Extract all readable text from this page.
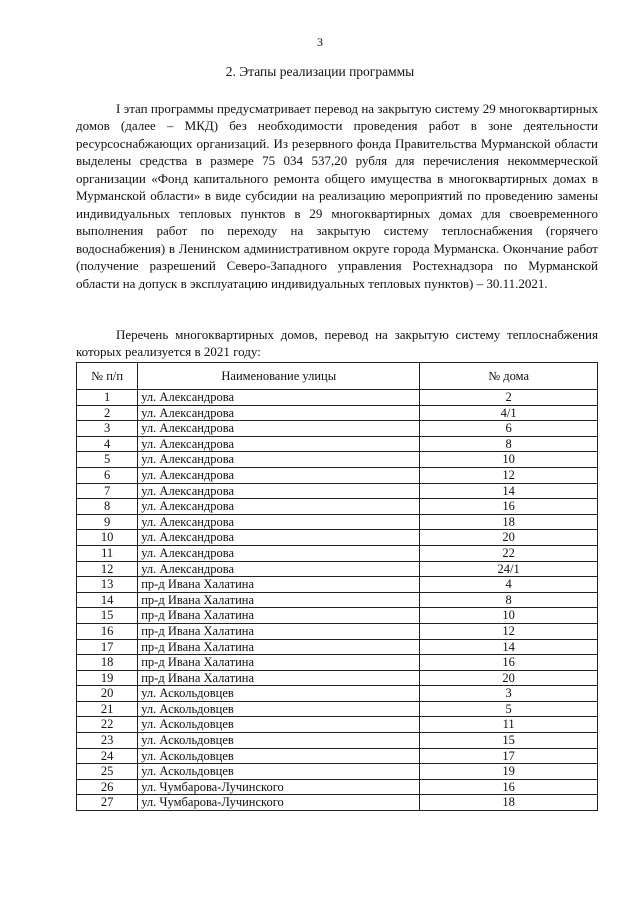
3
2. Этапы реализации программы

I этап программы предусматривает перевод на закрытую систему 29 многоквартирных домов (далее – МКД) без необходимости проведения работ в зоне деятельности ресурсоснабжающих организаций. Из резервного фонда Правительства Мурманской области выделены средства в размере 75 034 537,20 рубля для перечисления некоммерческой организации «Фонд капитального ремонта общего имущества в многоквартирных домах в Мурманской области» в виде субсидии на реализацию мероприятий по проведению замены индивидуальных тепловых пунктов в 29 многоквартирных домах для своевременного выполнения работ по переходу на закрытую систему теплоснабжения (горячего водоснабжения) в Ленинском административном округе города Мурманска. Окончание работ (получение разрешений Северо-Западного управления Ростехнадзора по Мурманской области на допуск в эксплуатацию индивидуальных тепловых пунктов) – 30.11.2021.

Перечень многоквартирных домов, перевод на закрытую систему теплоснабжения которых реализуется в 2021 году:

№ п/п	Наименование улицы	№ дома
1	ул. Александрова	2
2	ул. Александрова	4/1
3	ул. Александрова	6
4	ул. Александрова	8
5	ул. Александрова	10
6	ул. Александрова	12
7	ул. Александрова	14
8	ул. Александрова	16
9	ул. Александрова	18
10	ул. Александрова	20
11	ул. Александрова	22
12	ул. Александрова	24/1
13	пр-д Ивана Халатина	4
14	пр-д Ивана Халатина	8
15	пр-д Ивана Халатина	10
16	пр-д Ивана Халатина	12
17	пр-д Ивана Халатина	14
18	пр-д Ивана Халатина	16
19	пр-д Ивана Халатина	20
20	ул. Аскольдовцев	3
21	ул. Аскольдовцев	5
22	ул. Аскольдовцев	11
23	ул. Аскольдовцев	15
24	ул. Аскольдовцев	17
25	ул. Аскольдовцев	19
26	ул. Чумбарова-Лучинского	16
27	ул. Чумбарова-Лучинского	18
